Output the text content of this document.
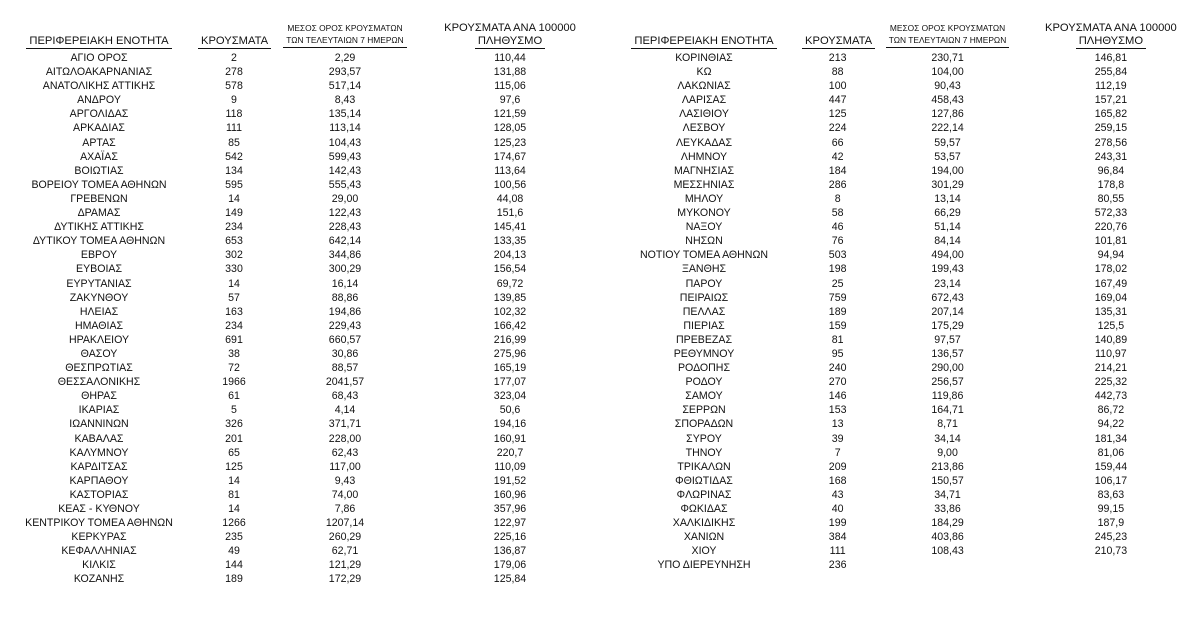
ΠΕΡΙΦΕΡΕΙΑΚΗ ΕΝΟΤΗΤΑ	ΚΡΟΥΣΜΑΤΑ	ΜΕΣΟΣ ΟΡΟΣ ΚΡΟΥΣΜΑΤΩΝ
ΤΩΝ ΤΕΛΕΥΤΑΙΩΝ 7 ΗΜΕΡΩΝ	ΚΡΟΥΣΜΑΤΑ ΑΝΑ 100000
ΠΛΗΘΥΣΜΟ
ΑΓΙΟ ΟΡΟΣ	2	2,29	110,44
ΑΙΤΩΛΟΑΚΑΡΝΑΝΙΑΣ	278	293,57	131,88
ΑΝΑΤΟΛΙΚΗΣ ΑΤΤΙΚΗΣ	578	517,14	115,06
ΑΝΔΡΟΥ	9	8,43	97,6
ΑΡΓΟΛΙΔΑΣ	118	135,14	121,59
ΑΡΚΑΔΙΑΣ	111	113,14	128,05
ΑΡΤΑΣ	85	104,43	125,23
ΑΧΑΪΑΣ	542	599,43	174,67
ΒΟΙΩΤΙΑΣ	134	142,43	113,64
ΒΟΡΕΙΟΥ ΤΟΜΕΑ ΑΘΗΝΩΝ	595	555,43	100,56
ΓΡΕΒΕΝΩΝ	14	29,00	44,08
ΔΡΑΜΑΣ	149	122,43	151,6
ΔΥΤΙΚΗΣ ΑΤΤΙΚΗΣ	234	228,43	145,41
ΔΥΤΙΚΟΥ ΤΟΜΕΑ ΑΘΗΝΩΝ	653	642,14	133,35
ΕΒΡΟΥ	302	344,86	204,13
ΕΥΒΟΙΑΣ	330	300,29	156,54
ΕΥΡΥΤΑΝΙΑΣ	14	16,14	69,72
ΖΑΚΥΝΘΟΥ	57	88,86	139,85
ΗΛΕΙΑΣ	163	194,86	102,32
ΗΜΑΘΙΑΣ	234	229,43	166,42
ΗΡΑΚΛΕΙΟΥ	691	660,57	216,99
ΘΑΣΟΥ	38	30,86	275,96
ΘΕΣΠΡΩΤΙΑΣ	72	88,57	165,19
ΘΕΣΣΑΛΟΝΙΚΗΣ	1966	2041,57	177,07
ΘΗΡΑΣ	61	68,43	323,04
ΙΚΑΡΙΑΣ	5	4,14	50,6
ΙΩΑΝΝΙΝΩΝ	326	371,71	194,16
ΚΑΒΑΛΑΣ	201	228,00	160,91
ΚΑΛΥΜΝΟΥ	65	62,43	220,7
ΚΑΡΔΙΤΣΑΣ	125	117,00	110,09
ΚΑΡΠΑΘΟΥ	14	9,43	191,52
ΚΑΣΤΟΡΙΑΣ	81	74,00	160,96
ΚΕΑΣ - ΚΥΘΝΟΥ	14	7,86	357,96
ΚΕΝΤΡΙΚΟΥ ΤΟΜΕΑ ΑΘΗΝΩΝ	1266	1207,14	122,97
ΚΕΡΚΥΡΑΣ	235	260,29	225,16
ΚΕΦΑΛΛΗΝΙΑΣ	49	62,71	136,87
ΚΙΛΚΙΣ	144	121,29	179,06
ΚΟΖΑΝΗΣ	189	172,29	125,84
ΠΕΡΙΦΕΡΕΙΑΚΗ ΕΝΟΤΗΤΑ	ΚΡΟΥΣΜΑΤΑ	ΜΕΣΟΣ ΟΡΟΣ ΚΡΟΥΣΜΑΤΩΝ
ΤΩΝ ΤΕΛΕΥΤΑΙΩΝ 7 ΗΜΕΡΩΝ	ΚΡΟΥΣΜΑΤΑ ΑΝΑ 100000
ΠΛΗΘΥΣΜΟ
ΚΟΡΙΝΘΙΑΣ	213	230,71	146,81
ΚΩ	88	104,00	255,84
ΛΑΚΩΝΙΑΣ	100	90,43	112,19
ΛΑΡΙΣΑΣ	447	458,43	157,21
ΛΑΣΙΘΙΟΥ	125	127,86	165,82
ΛΕΣΒΟΥ	224	222,14	259,15
ΛΕΥΚΑΔΑΣ	66	59,57	278,56
ΛΗΜΝΟΥ	42	53,57	243,31
ΜΑΓΝΗΣΙΑΣ	184	194,00	96,84
ΜΕΣΣΗΝΙΑΣ	286	301,29	178,8
ΜΗΛΟΥ	8	13,14	80,55
ΜΥΚΟΝΟΥ	58	66,29	572,33
ΝΑΞΟΥ	46	51,14	220,76
ΝΗΣΩΝ	76	84,14	101,81
ΝΟΤΙΟΥ ΤΟΜΕΑ ΑΘΗΝΩΝ	503	494,00	94,94
ΞΑΝΘΗΣ	198	199,43	178,02
ΠΑΡΟΥ	25	23,14	167,49
ΠΕΙΡΑΙΩΣ	759	672,43	169,04
ΠΕΛΛΑΣ	189	207,14	135,31
ΠΙΕΡΙΑΣ	159	175,29	125,5
ΠΡΕΒΕΖΑΣ	81	97,57	140,89
ΡΕΘΥΜΝΟΥ	95	136,57	110,97
ΡΟΔΟΠΗΣ	240	290,00	214,21
ΡΟΔΟΥ	270	256,57	225,32
ΣΑΜΟΥ	146	119,86	442,73
ΣΕΡΡΩΝ	153	164,71	86,72
ΣΠΟΡΑΔΩΝ	13	8,71	94,22
ΣΥΡΟΥ	39	34,14	181,34
ΤΗΝΟΥ	7	9,00	81,06
ΤΡΙΚΑΛΩΝ	209	213,86	159,44
ΦΘΙΩΤΙΔΑΣ	168	150,57	106,17
ΦΛΩΡΙΝΑΣ	43	34,71	83,63
ΦΩΚΙΔΑΣ	40	33,86	99,15
ΧΑΛΚΙΔΙΚΗΣ	199	184,29	187,9
ΧΑΝΙΩΝ	384	403,86	245,23
ΧΙΟΥ	111	108,43	210,73
ΥΠΟ ΔΙΕΡΕΥΝΗΣΗ	236		
